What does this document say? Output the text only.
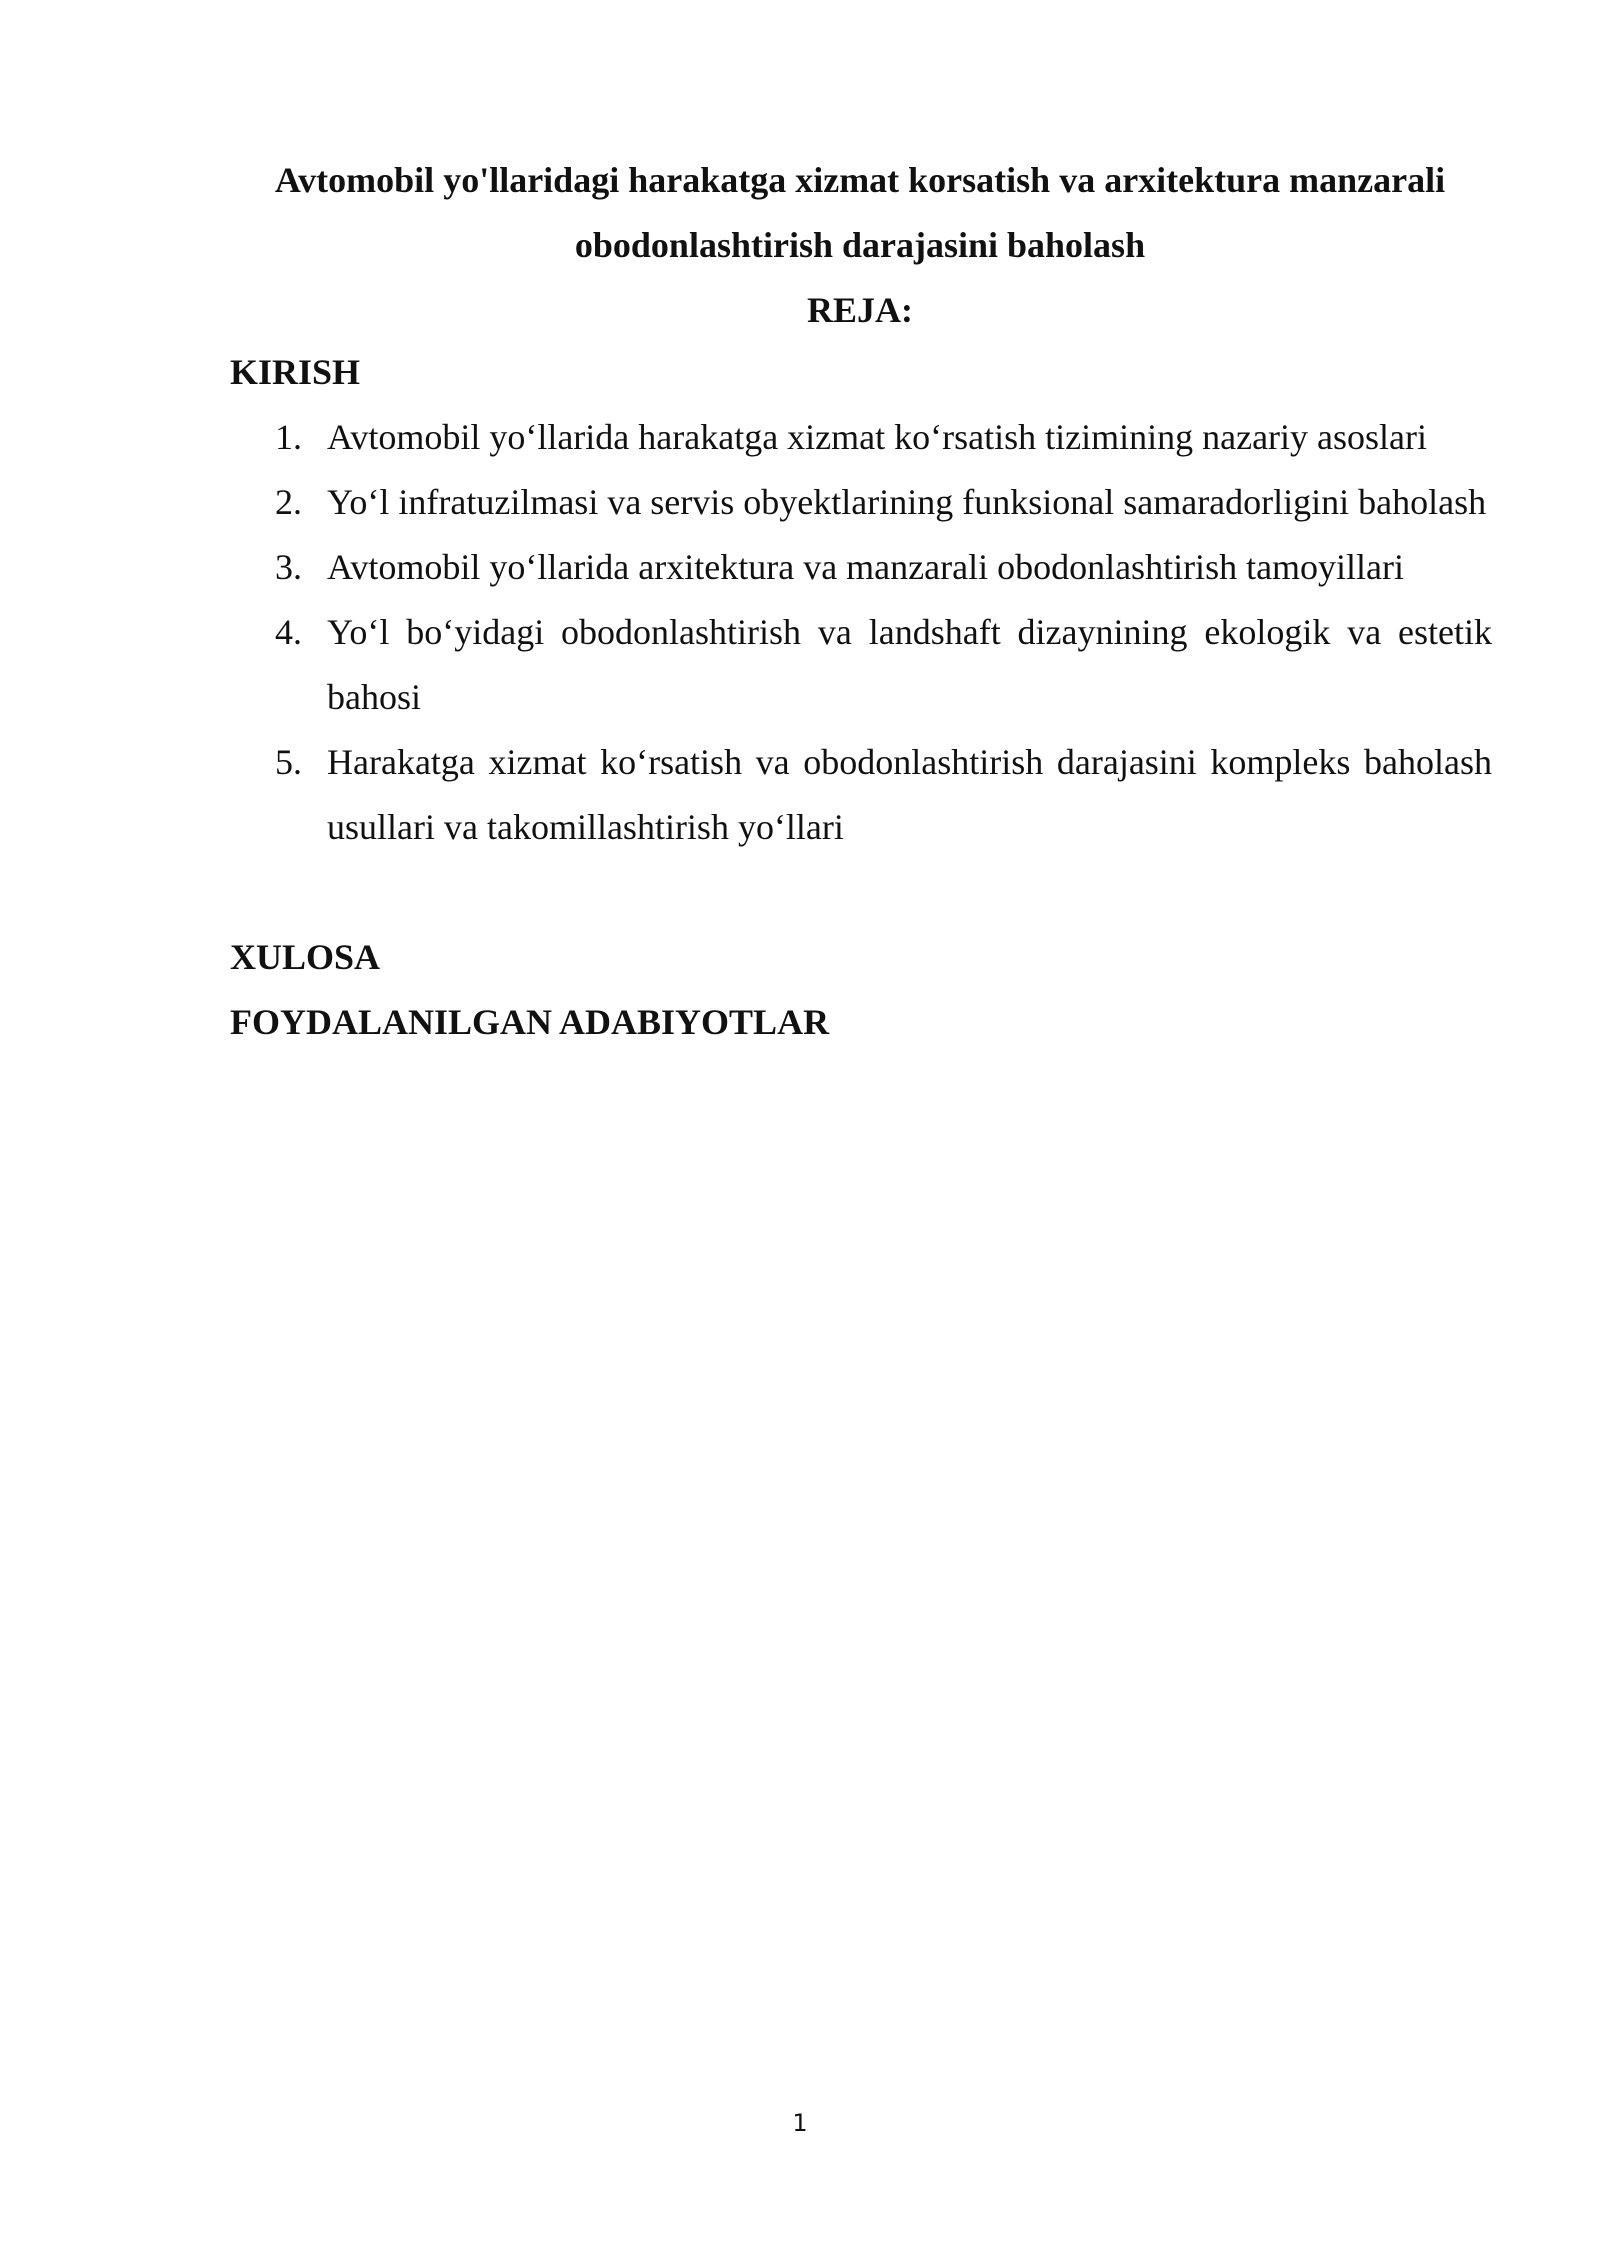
Avtomobil yo'llaridagi harakatga xizmat korsatish va arxitektura manzarali obodonlashtirish darajasini baholash
REJA:
KIRISH
1. Avtomobil yo‘llarida harakatga xizmat ko‘rsatish tizimining nazariy asoslari
2. Yo‘l infratuzilmasi va servis obyektlarining funksional samaradorligini baholash
3. Avtomobil yo‘llarida arxitektura va manzarali obodonlashtirish tamoyillari
4. Yo‘l bo‘yidagi obodonlashtirish va landshaft dizaynining ekologik va estetik bahosi
5. Harakatga xizmat ko‘rsatish va obodonlashtirish darajasini kompleks baholash usullari va takomillashtirish yo‘llari
XULOSA
FOYDALANILGAN ADABIYOTLAR
1
